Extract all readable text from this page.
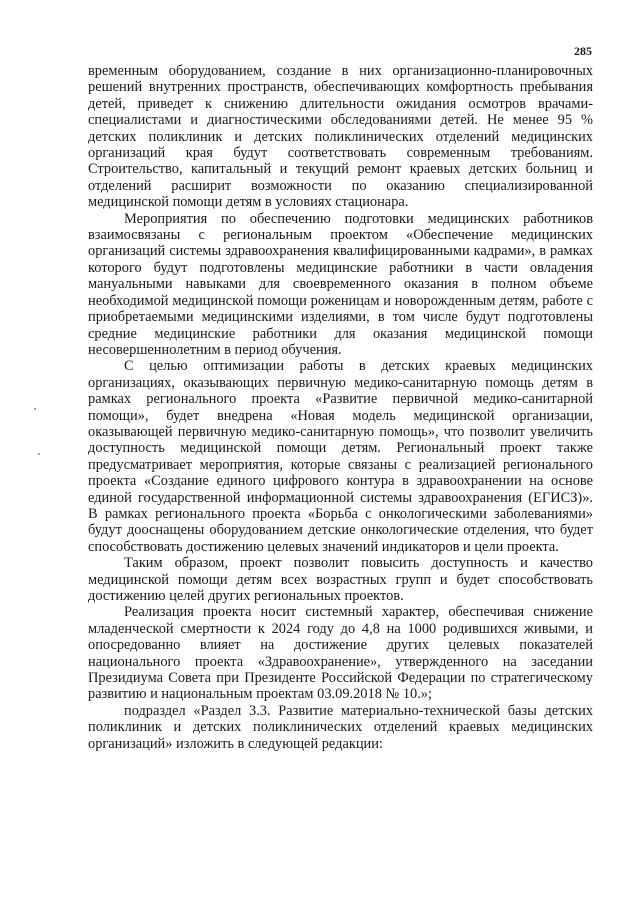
285

временным оборудованием, создание в них организационно-планировочных решений внутренних пространств, обеспечивающих комфортность пребывания детей, приведет к снижению длительности ожидания осмотров врачами-специалистами и диагностическими обследованиями детей. Не менее 95 % детских поликлиник и детских поликлинических отделений медицинских организаций края будут соответствовать современным требованиям. Строительство, капитальный и текущий ремонт краевых детских больниц и отделений расширит возможности по оказанию специализированной медицинской помощи детям в условиях стационара.

Мероприятия по обеспечению подготовки медицинских работников взаимосвязаны с региональным проектом «Обеспечение медицинских организаций системы здравоохранения квалифицированными кадрами», в рамках которого будут подготовлены медицинские работники в части овладения мануальными навыками для своевременного оказания в полном объеме необходимой медицинской помощи роженицам и новорожденным детям, работе с приобретаемыми медицинскими изделиями, в том числе будут подготовлены средние медицинские работники для оказания медицинской помощи несовершеннолетним в период обучения.

С целью оптимизации работы в детских краевых медицинских организациях, оказывающих первичную медико-санитарную помощь детям в рамках регионального проекта «Развитие первичной медико-санитарной помощи», будет внедрена «Новая модель медицинской организации, оказывающей первичную медико-санитарную помощь», что позволит увеличить доступность медицинской помощи детям. Региональный проект также предусматривает мероприятия, которые связаны с реализацией регионального проекта «Создание единого цифрового контура в здравоохранении на основе единой государственной информационной системы здравоохранения (ЕГИСЗ)». В рамках регионального проекта «Борьба с онкологическими заболеваниями» будут дооснащены оборудованием детские онкологические отделения, что будет способствовать достижению целевых значений индикаторов и цели проекта.

Таким образом, проект позволит повысить доступность и качество медицинской помощи детям всех возрастных групп и будет способствовать достижению целей других региональных проектов.

Реализация проекта носит системный характер, обеспечивая снижение младенческой смертности к 2024 году до 4,8 на 1000 родившихся живыми, и опосредованно влияет на достижение других целевых показателей национального проекта «Здравоохранение», утвержденного на заседании Президиума Совета при Президенте Российской Федерации по стратегическому развитию и национальным проектам 03.09.2018 № 10.»;

подраздел «Раздел 3.3. Развитие материально-технической базы детских поликлиник и детских поликлинических отделений краевых медицинских организаций» изложить в следующей редакции:
